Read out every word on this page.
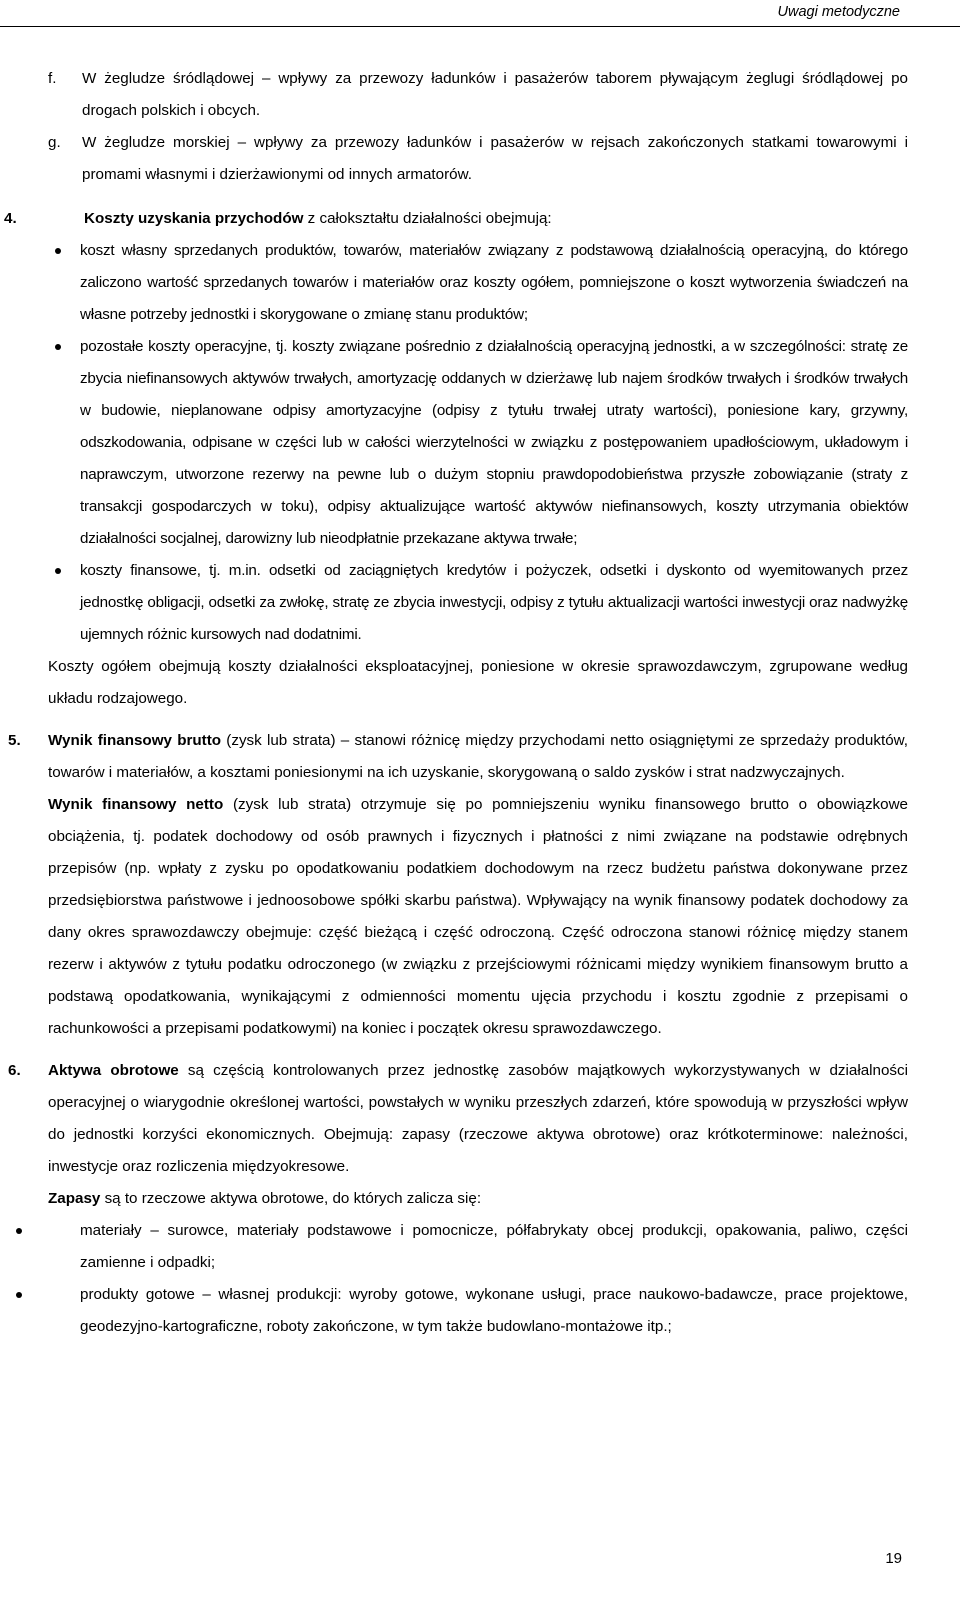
Uwagi metodyczne

f. W żegludze śródlądowej – wpływy za przewozy ładunków i pasażerów taborem pływającym żeglugi śródlądowej po drogach polskich i obcych.

g. W żegludze morskiej – wpływy za przewozy ładunków i pasażerów w rejsach zakończonych statkami towarowymi i promami własnymi i dzierżawionymi od innych armatorów.

4.	Koszty uzyskania przychodów z całokształtu działalności obejmują:

koszt własny sprzedanych produktów, towarów, materiałów związany z podstawową działalnością operacyjną, do którego zaliczono wartość sprzedanych towarów i materiałów oraz koszty ogółem, pomniejszone o koszt wytworzenia świadczeń na własne potrzeby jednostki i skorygowane o zmianę stanu produktów;

pozostałe koszty operacyjne, tj. koszty związane pośrednio z działalnością operacyjną jednostki, a w szczególności: stratę ze zbycia niefinansowych aktywów trwałych, amortyzację oddanych w dzierżawę lub najem środków trwałych i środków trwałych w budowie, nieplanowane odpisy amortyzacyjne (odpisy z tytułu trwałej utraty wartości), poniesione kary, grzywny, odszkodowania, odpisane w części lub w całości wierzytelności w związku z postępowaniem upadłościowym, układowym i naprawczym, utworzone rezerwy na pewne lub o dużym stopniu prawdopodobieństwa przyszłe zobowiązanie (straty z transakcji gospodarczych w toku), odpisy aktualizujące wartość aktywów niefinansowych, koszty utrzymania obiektów działalności socjalnej, darowizny lub nieodpłatnie przekazane aktywa trwałe;

koszty finansowe, tj. m.in. odsetki od zaciągniętych kredytów i pożyczek, odsetki i dyskonto od wyemitowanych przez jednostkę obligacji, odsetki za zwłokę, stratę ze zbycia inwestycji, odpisy z tytułu aktualizacji wartości inwestycji oraz nadwyżkę ujemnych różnic kursowych nad dodatnimi.

Koszty ogółem obejmują koszty działalności eksploatacyjnej, poniesione w okresie sprawozdawczym, zgrupowane według układu rodzajowego.

5. Wynik finansowy brutto (zysk lub strata) – stanowi różnicę między przychodami netto osiągniętymi ze sprzedaży produktów, towarów i materiałów, a kosztami poniesionymi na ich uzyskanie, skorygowaną o saldo zysków i strat nadzwyczajnych.

Wynik finansowy netto (zysk lub strata) otrzymuje się po pomniejszeniu wyniku finansowego brutto o obowiązkowe obciążenia, tj. podatek dochodowy od osób prawnych i fizycznych i płatności z nimi związane na podstawie odrębnych przepisów (np. wpłaty z zysku po opodatkowaniu podatkiem dochodowym na rzecz budżetu państwa dokonywane przez przedsiębiorstwa państwowe i jednoosobowe spółki skarbu państwa). Wpływający na wynik finansowy podatek dochodowy za dany okres sprawozdawczy obejmuje: część bieżącą i część odroczoną. Część odroczona stanowi różnicę między stanem rezerw i aktywów z tytułu podatku odroczonego (w związku z przejściowymi różnicami między wynikiem finansowym brutto a podstawą opodatkowania, wynikającymi z odmienności momentu ujęcia przychodu i kosztu zgodnie z przepisami o rachunkowości a przepisami podatkowymi) na koniec i początek okresu sprawozdawczego.

6. Aktywa obrotowe są częścią kontrolowanych przez jednostkę zasobów majątkowych wykorzystywanych w działalności operacyjnej o wiarygodnie określonej wartości, powstałych w wyniku przeszłych zdarzeń, które spowodują w przyszłości wpływ do jednostki korzyści ekonomicznych. Obejmują: zapasy (rzeczowe aktywa obrotowe) oraz krótkoterminowe: należności, inwestycje oraz rozliczenia międzyokresowe.

Zapasy są to rzeczowe aktywa obrotowe, do których zalicza się:

materiały – surowce, materiały podstawowe i pomocnicze, półfabrykaty obcej produkcji, opakowania, paliwo, części zamienne i odpadki;

produkty gotowe – własnej produkcji: wyroby gotowe, wykonane usługi, prace naukowo-badawcze, prace projektowe, geodezyjno-kartograficzne, roboty zakończone, w tym także budowlano-montażowe itp.;

19
